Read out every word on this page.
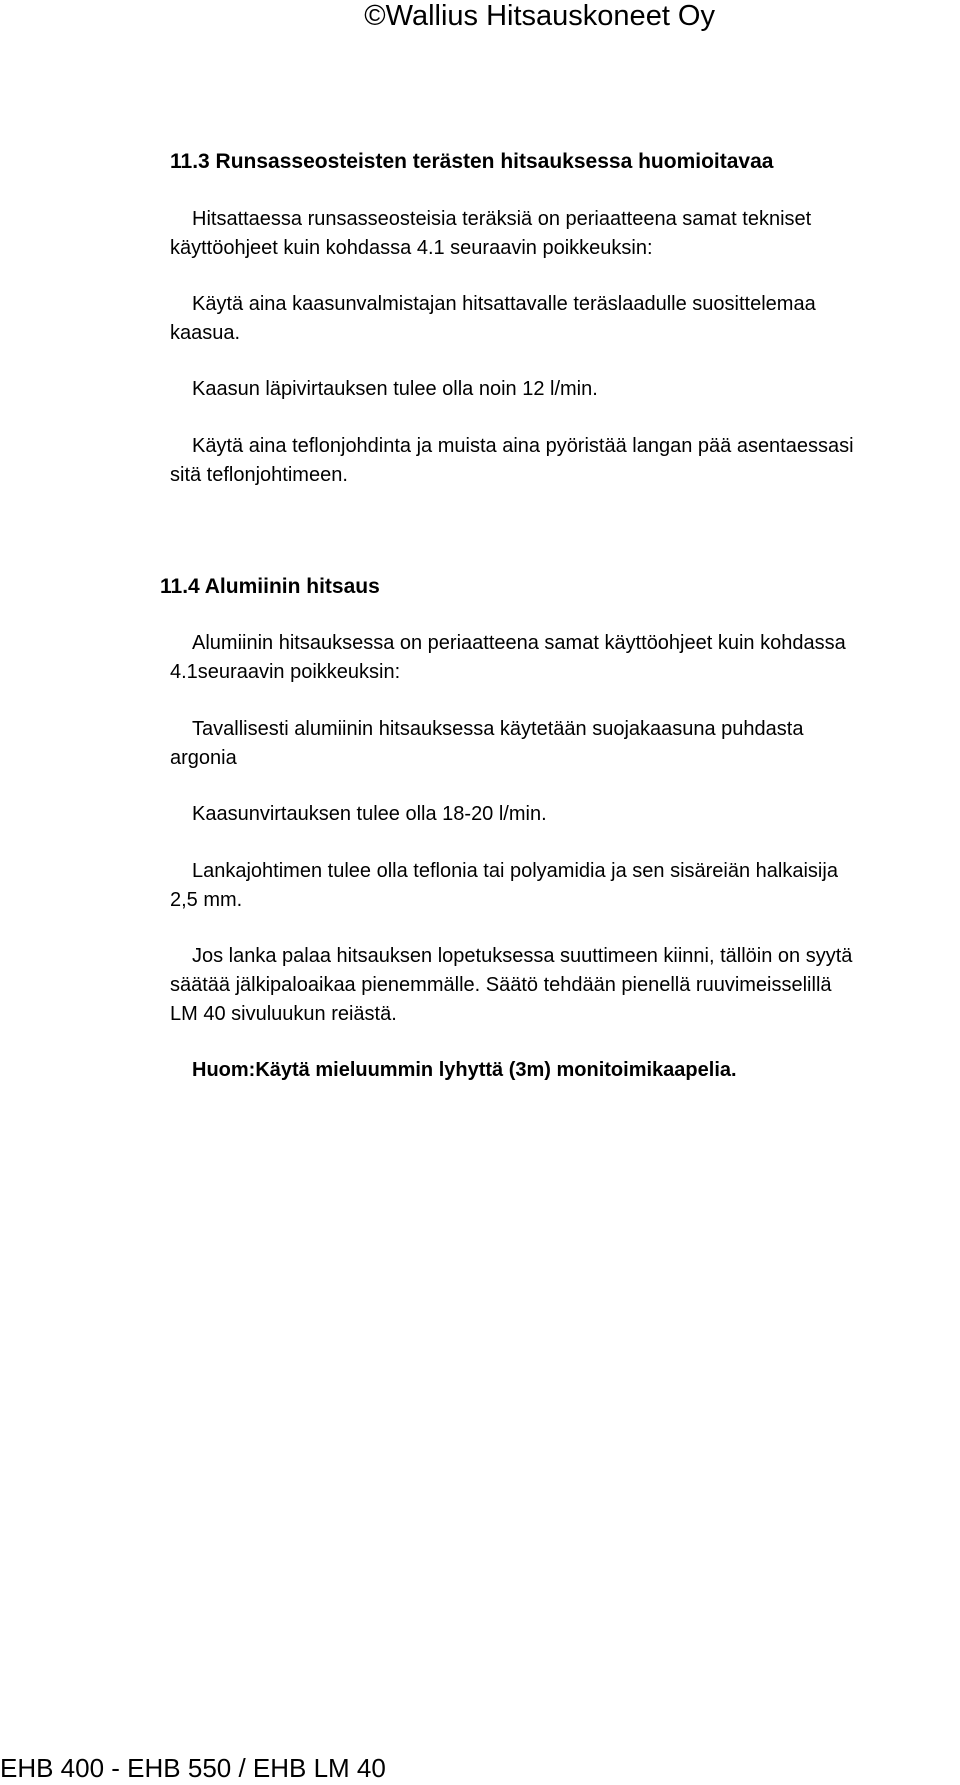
©Wallius Hitsauskoneet Oy
11.3 Runsasseosteisten terästen hitsauksessa huomioitavaa

Hitsattaessa runsasseosteisia teräksiä on periaatteena samat tekniset
käyttöohjeet kuin kohdassa 4.1 seuraavin poikkeuksin:

Käytä aina kaasunvalmistajan hitsattavalle teräslaadulle suosittelemaa
kaasua.

Kaasun läpivirtauksen tulee olla noin 12 l/min.

Käytä aina teflonjohdinta ja muista aina pyöristää langan pää asentaessasi
sitä teflonjohtimeen.

11.4 Alumiinin hitsaus

Alumiinin hitsauksessa on periaatteena samat käyttöohjeet kuin kohdassa
4.1seuraavin poikkeuksin:

Tavallisesti alumiinin hitsauksessa käytetään suojakaasuna puhdasta
argonia

Kaasunvirtauksen tulee olla 18-20 l/min.

Lankajohtimen tulee olla teflonia tai polyamidia ja sen sisäreiän halkaisija
2,5 mm.

Jos lanka palaa hitsauksen lopetuksessa suuttimeen kiinni, tällöin on syytä
säätää jälkipaloaikaa pienemmälle. Säätö tehdään pienellä ruuvimeisselillä
LM 40 sivuluukun reiästä.

Huom:Käytä mieluummin lyhyttä (3m) monitoimikaapelia.
EHB 400 - EHB 550 / EHB LM 40
